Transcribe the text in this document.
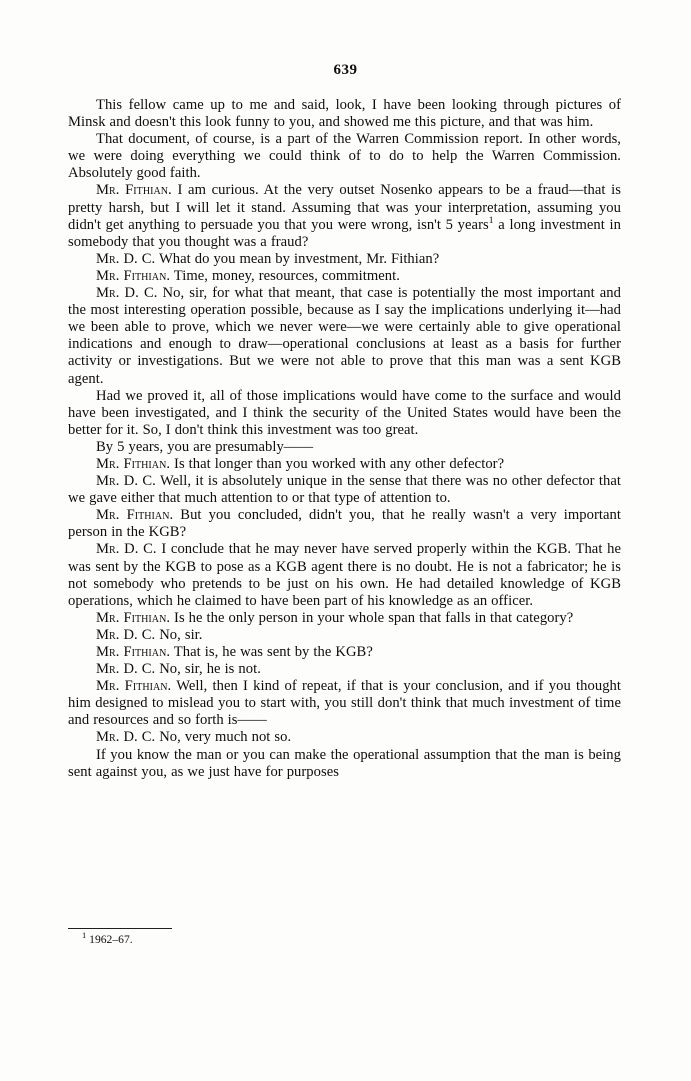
639

This fellow came up to me and said, look, I have been looking through pictures of Minsk and doesn't this look funny to you, and showed me this picture, and that was him.

That document, of course, is a part of the Warren Commission report. In other words, we were doing everything we could think of to do to help the Warren Commission. Absolutely good faith.

Mr. Fithian. I am curious. At the very outset Nosenko appears to be a fraud—that is pretty harsh, but I will let it stand. Assuming that was your interpretation, assuming you didn't get anything to persuade you that you were wrong, isn't 5 years$^1$ a long investment in somebody that you thought was a fraud?

Mr. D. C. What do you mean by investment, Mr. Fithian?

Mr. Fithian. Time, money, resources, commitment.

Mr. D. C. No, sir, for what that meant, that case is potentially the most important and the most interesting operation possible, because as I say the implications underlying it—had we been able to prove, which we never were—we were certainly able to give operational indications and enough to draw—operational conclusions at least as a basis for further activity or investigations. But we were not able to prove that this man was a sent KGB agent.

Had we proved it, all of those implications would have come to the surface and would have been investigated, and I think the security of the United States would have been the better for it. So, I don't think this investment was too great.

By 5 years, you are presumably——

Mr. Fithian. Is that longer than you worked with any other defector?

Mr. D. C. Well, it is absolutely unique in the sense that there was no other defector that we gave either that much attention to or that type of attention to.

Mr. Fithian. But you concluded, didn't you, that he really wasn't a very important person in the KGB?

Mr. D. C. I conclude that he may never have served properly within the KGB. That he was sent by the KGB to pose as a KGB agent there is no doubt. He is not a fabricator; he is not somebody who pretends to be just on his own. He had detailed knowledge of KGB operations, which he claimed to have been part of his knowledge as an officer.

Mr. Fithian. Is he the only person in your whole span that falls in that category?

Mr. D. C. No, sir.

Mr. Fithian. That is, he was sent by the KGB?

Mr. D. C. No, sir, he is not.

Mr. Fithian. Well, then I kind of repeat, if that is your conclusion, and if you thought him designed to mislead you to start with, you still don't think that much investment of time and resources and so forth is——

Mr. D. C. No, very much not so.

If you know the man or you can make the operational assumption that the man is being sent against you, as we just have for purposes

$^1$ 1962–67.
